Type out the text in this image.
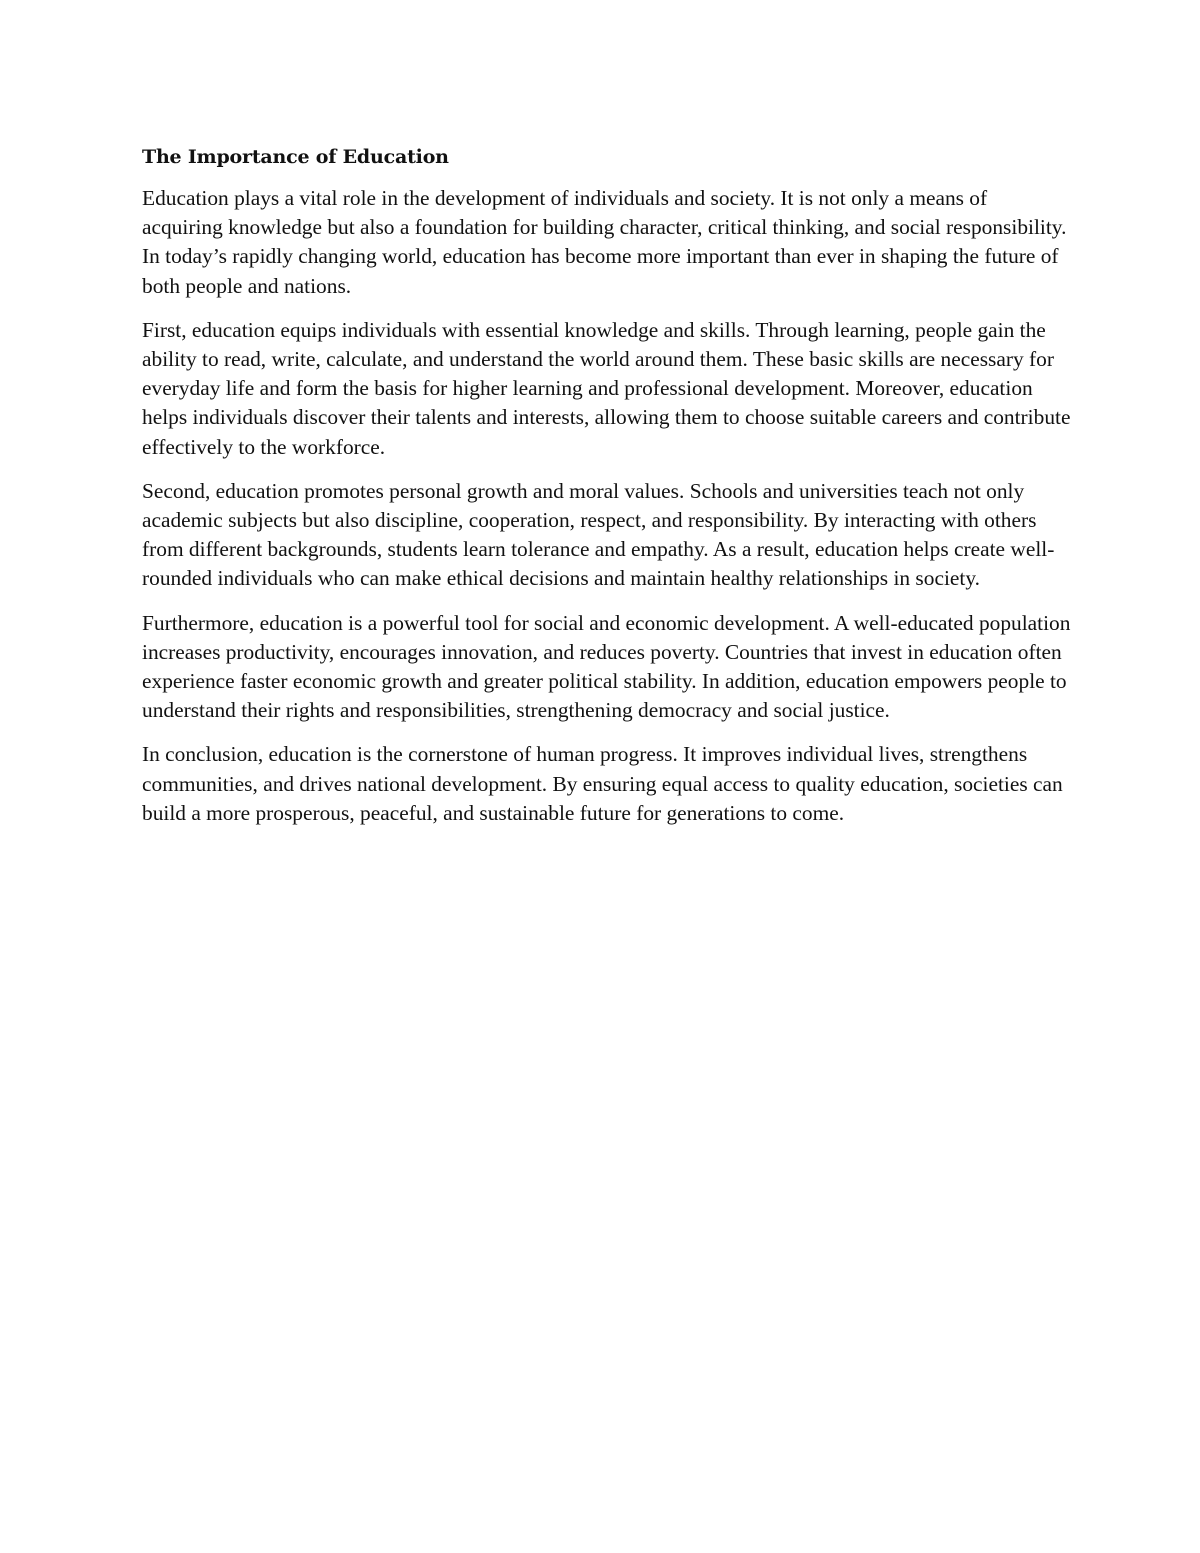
The Importance of Education

Education plays a vital role in the development of individuals and society. It is not only a means of acquiring knowledge but also a foundation for building character, critical thinking, and social responsibility. In today’s rapidly changing world, education has become more important than ever in shaping the future of both people and nations.

First, education equips individuals with essential knowledge and skills. Through learning, people gain the ability to read, write, calculate, and understand the world around them. These basic skills are necessary for everyday life and form the basis for higher learning and professional development. Moreover, education helps individuals discover their talents and interests, allowing them to choose suitable careers and contribute effectively to the workforce.

Second, education promotes personal growth and moral values. Schools and universities teach not only academic subjects but also discipline, cooperation, respect, and responsibility. By interacting with others from different backgrounds, students learn tolerance and empathy. As a result, education helps create well-rounded individuals who can make ethical decisions and maintain healthy relationships in society.

Furthermore, education is a powerful tool for social and economic development. A well-educated population increases productivity, encourages innovation, and reduces poverty. Countries that invest in education often experience faster economic growth and greater political stability. In addition, education empowers people to understand their rights and responsibilities, strengthening democracy and social justice.

In conclusion, education is the cornerstone of human progress. It improves individual lives, strengthens communities, and drives national development. By ensuring equal access to quality education, societies can build a more prosperous, peaceful, and sustainable future for generations to come.
